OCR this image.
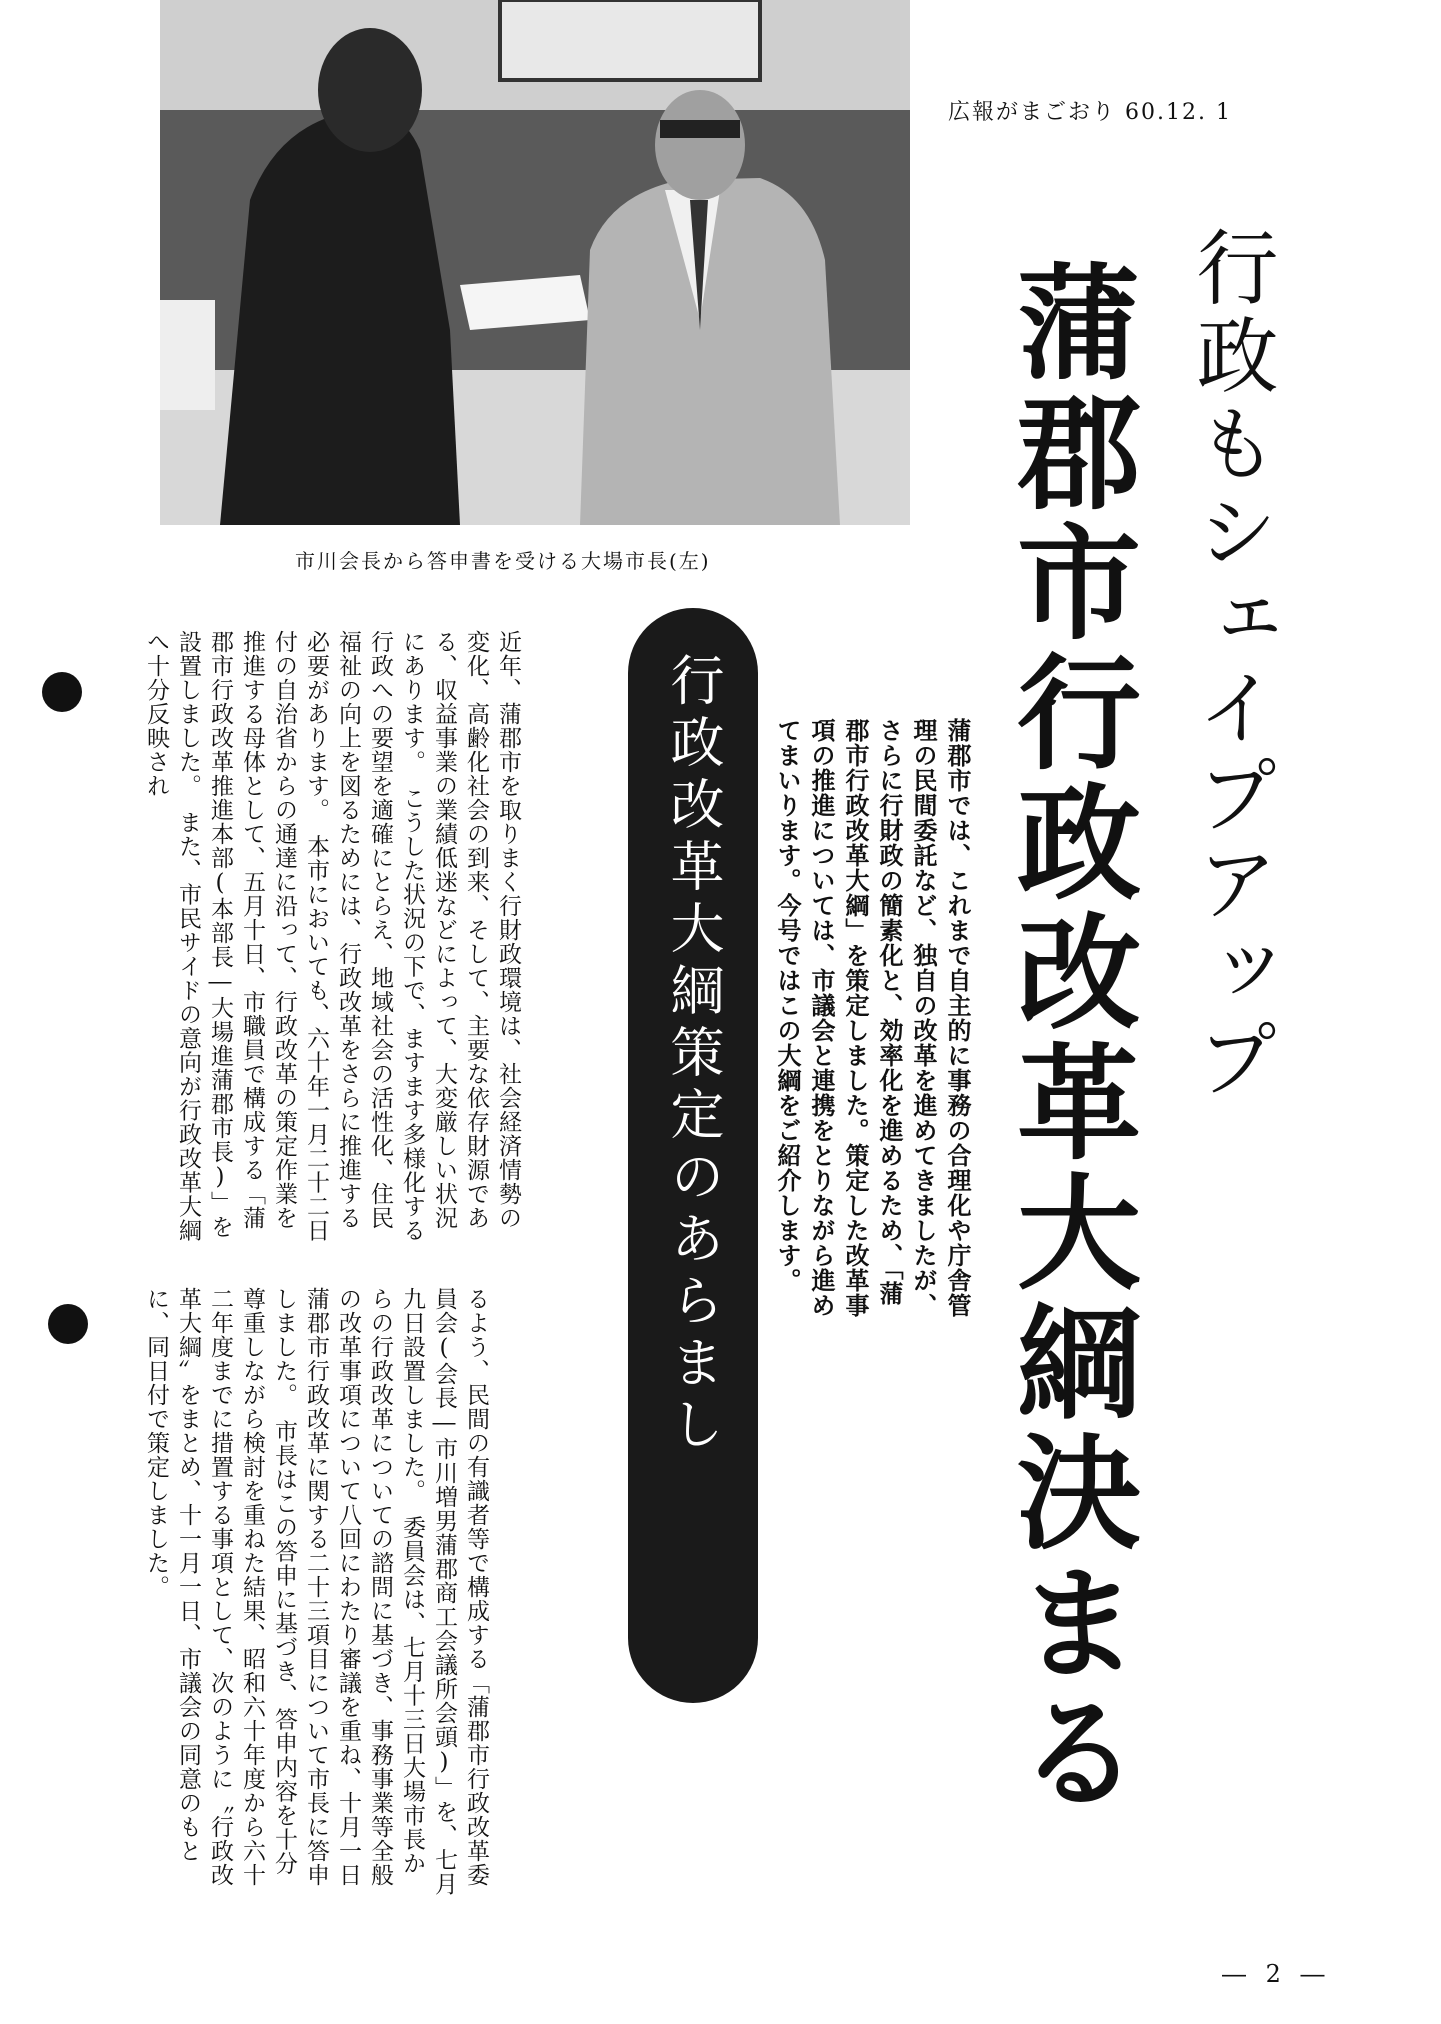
広報がまごおり 60.12. 1
市川会長から答申書を受ける大場市長(左)	行政もシェイプアップ
蒲郡市行政改革大綱決まる
蒲郡市では、これまで自主的に事務の合理化や庁舎管理の民間委託など、独自の改革を進めてきましたが、さらに行財政の簡素化と、効率化を進めるため、「蒲郡市行政改革大綱」を策定しました。策定した改革事項の推進については、市議会と連携をとりながら進めてまいります。今号ではこの大綱をご紹介します。
行政改革大綱策定のあらまし
近年、蒲郡市を取りまく行財政環境は、社会経済情勢の変化、高齢化社会の到来、そして、主要な依存財源である、収益事業の業績低迷などによって、大変厳しい状況にあります。　こうした状況の下で、ますます多様化する行政への要望を適確にとらえ、地域社会の活性化、住民福祉の向上を図るためには、行政改革をさらに推進する必要があります。　本市においても、六十年一月二十二日付の自治省からの通達に沿って、行政改革の策定作業を推進する母体として、五月十日、市職員で構成する「蒲郡市行政改革推進本部(本部長―大場進蒲郡市長)」を設置しました。　また、市民サイドの意向が行政改革大綱へ十分反映され
るよう、民間の有識者等で構成する「蒲郡市行政改革委員会(会長―市川増男蒲郡商工会議所会頭)」を、七月九日設置しました。　委員会は、七月十三日大場市長からの行政改革についての諮問に基づき、事務事業等全般の改革事項について八回にわたり審議を重ね、十月一日蒲郡市行政改革に関する二十三項目について市長に答申しました。　市長はこの答申に基づき、答申内容を十分尊重しながら検討を重ねた結果、昭和六十年度から六十二年度までに措置する事項として、次のように〝行政改革大綱〟をまとめ、十一月一日、市議会の同意のもとに、同日付で策定しました。
― 2 ―
